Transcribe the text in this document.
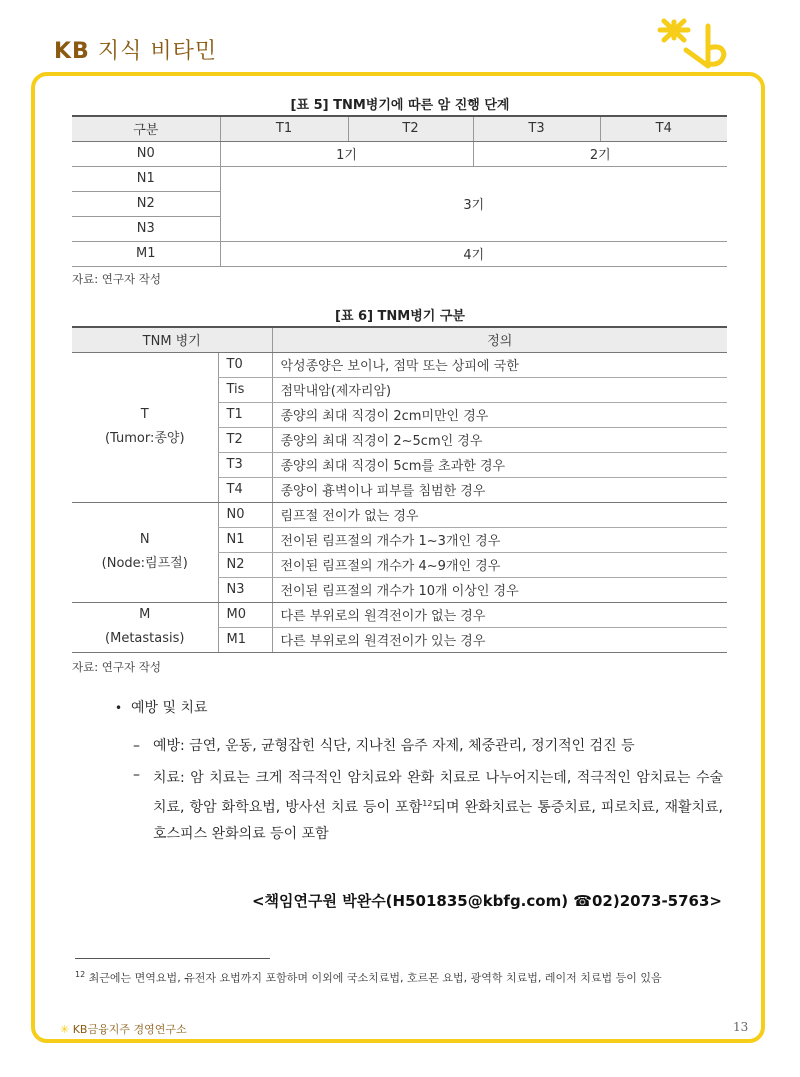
KB 지식 비타민
[표 5] TNM병기에 따른 암 진행 단계
구분	T1	T2	T3	T4
N0	1기		2기	
N1	3기			
N2				
N3				
M1	4기			
자료: 연구자 작성
[표 6] TNM병기 구분
TNM 병기		정의

T
(Tumor:종양)	T0	악성종양은 보이나, 점막 또는 상피에 국한
	Tis	점막내암(제자리암)
	T1	종양의 최대 직경이 2cm미만인 경우
	T2	종양의 최대 직경이 2~5cm인 경우
	T3	종양의 최대 직경이 5cm를 초과한 경우
	T4	종양이 흉벽이나 피부를 침범한 경우

N
(Node:림프절)	N0	림프절 전이가 없는 경우
	N1	전이된 림프절의 개수가 1~3개인 경우
	N2	전이된 림프절의 개수가 4~9개인 경우
	N3	전이된 림프절의 개수가 10개 이상인 경우

M
(Metastasis)	M0	다른 부위로의 원격전이가 없는 경우
	M1	다른 부위로의 원격전이가 있는 경우
자료: 연구자 작성
• 예방 및 치료
– 예방: 금연, 운동, 균형잡힌 식단, 지나친 음주 자제, 체중관리, 정기적인 검진 등
– 치료: 암 치료는 크게 적극적인 암치료와 완화 치료로 나누어지는데, 적극적인 암치료는 수술치료, 항암 화학요법, 방사선 치료 등이 포함$^{12}$되며 완화치료는 통증치료, 피로치료, 재활치료, 호스피스 완화의료 등이 포함
<책임연구원 박완수(H501835@kbfg.com) ☎02)2073-5763>
$^{12}$ 최근에는 면역요법, 유전자 요법까지 포함하며 이외에 국소치료법, 호르몬 요법, 광역학 치료법, 레이저 치료법 등이 있음
✳ KB금융지주 경영연구소	13
